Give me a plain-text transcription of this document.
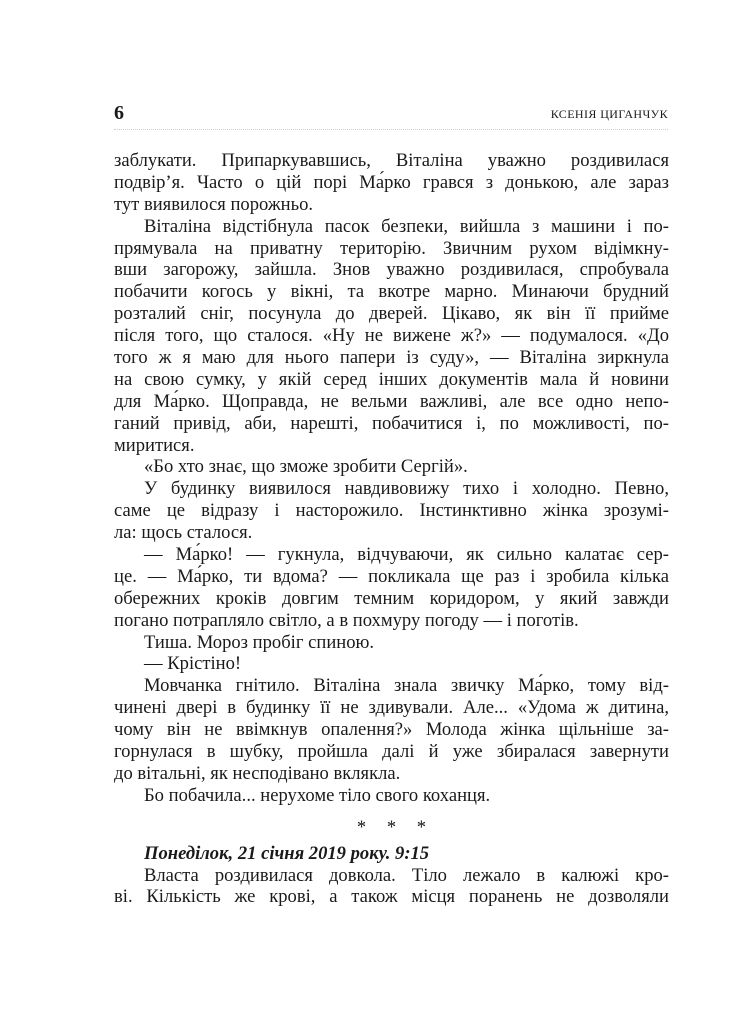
6	КСЕНІЯ ЦИГАНЧУК
заблукати. Припаркувавшись, Віталіна уважно роздивилася
подвір’я. Часто о цій порі Ма́рко грався з донькою, але зараз
тут виявилося порожньо.
Віталіна відстібнула пасок безпеки, вийшла з машини і по-
прямувала на приватну територію. Звичним рухом відімкну-
вши загорожу, зайшла. Знов уважно роздивилася, спробувала
побачити когось у вікні, та вкотре марно. Минаючи брудний
розталий сніг, посунула до дверей. Цікаво, як він її прийме
після того, що сталося. «Ну не вижене ж?» — подумалося. «До
того ж я маю для нього папери із суду», — Віталіна зиркнула
на свою сумку, у якій серед інших документів мала й новини
для Ма́рко. Щоправда, не вельми важливі, але все одно непо-
ганий привід, аби, нарешті, побачитися і, по можливості, по-
миритися.
«Бо хто знає, що зможе зробити Сергій».
У будинку виявилося навдивовижу тихо і холодно. Певно,
саме це відразу і насторожило. Інстинктивно жінка зрозумі-
ла: щось сталося.
— Ма́рко! — гукнула, відчуваючи, як сильно калатає сер-
це. — Ма́рко, ти вдома? — покликала ще раз і зробила кілька
обережних кроків довгим темним коридором, у який завжди
погано потрапляло світло, а в похмуру погоду — і поготів.
Тиша. Мороз пробіг спиною.
— Крістіно!
Мовчанка гнітило. Віталіна знала звичку Ма́рко, тому від-
чинені двері в будинку її не здивували. Але... «Удома ж дитина,
чому він не ввімкнув опалення?» Молода жінка щільніше за-
горнулася в шубку, пройшла далі й уже збиралася завернути
до вітальні, як несподівано вклякла.
Бо побачила... нерухоме тіло свого коханця.
* * *
Понеділок, 21 січня 2019 року. 9:15
Власта роздивилася довкола. Тіло лежало в калюжі кро-
ві. Кількість же крові, а також місця поранень не дозволяли
